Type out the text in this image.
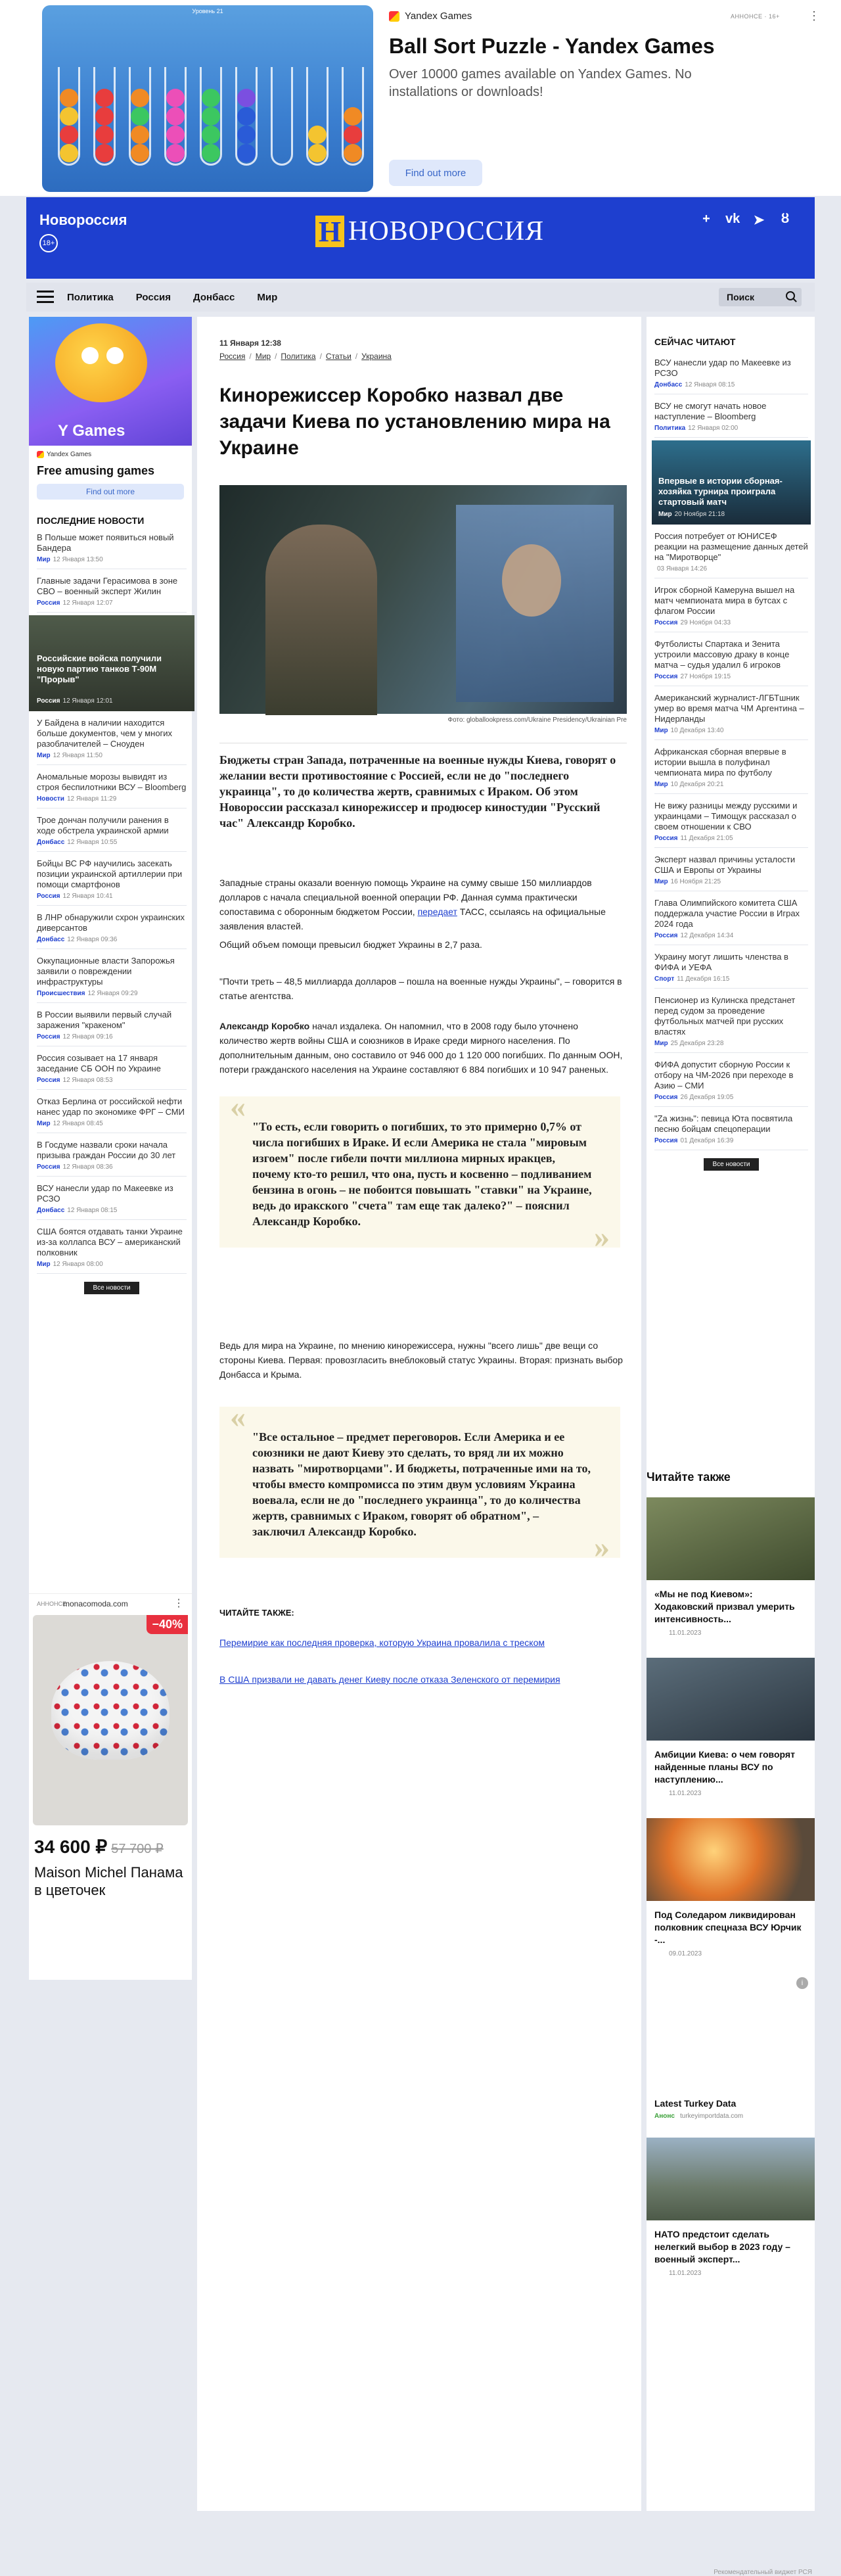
Уровень 21	Yandex Games	АННОНСЕ · 16+ ⋮
Ball Sort Puzzle - Yandex Games
Over 10000 games available on Yandex Games. No installations or downloads!
Find out more
Новороссия
18+	Н НОВОРОССИЯ	+ vk ➤ ȣ
Политика Россия Донбасс Мир	Поиск
Y Games
Yandex Games
Free amusing games
Find out more
ПОСЛЕДНИЕ НОВОСТИ
В Польше может появиться новый Бандера
Мир 12 Января 13:50
Главные задачи Герасимова в зоне СВО – военный эксперт Жилин
Россия 12 Января 12:07
Российские войска получили новую партию танков Т-90М "Прорыв"
Россия 12 Января 12:01
У Байдена в наличии находится больше документов, чем у многих разоблачителей – Сноуден
Мир 12 Января 11:50
Аномальные морозы вывидят из строя беспилотники ВСУ – Bloomberg
Новости 12 Января 11:29
Трое дончан получили ранения в ходе обстрела украинской армии
Донбасс 12 Января 10:55
Бойцы ВС РФ научились засекать позиции украинской артиллерии при помощи смартфонов
Россия 12 Января 10:41
В ЛНР обнаружили схрон украинских диверсантов
Донбасс 12 Января 09:36
Оккупационные власти Запорожья заявили о повреждении инфраструктуры
Происшествия 12 Января 09:29
В России выявили первый случай заражения "кракеном"
Россия 12 Января 09:16
Россия созывает на 17 января заседание СБ ООН по Украине
Россия 12 Января 08:53
Отказ Берлина от российской нефти нанес удар по экономике ФРГ – СМИ
Мир 12 Января 08:45
В Госдуме назвали сроки начала призыва граждан России до 30 лет
Россия 12 Января 08:36
ВСУ нанесли удар по Макеевке из РСЗО
Донбасс 12 Января 08:15
США боятся отдавать танки Украине из-за коллапса ВСУ – американский полковник
Мир 12 Января 08:00
Все новости
АННОНСЕ
monacomoda.com	⋮
−40%
34 600 ₽ 57 700 ₽
Maison Michel Панама в цветочек
11 Января 12:38
Россия / Мир / Политика / Статьи / Украина
Кинорежиссер Коробко назвал две задачи Киева по установлению мира на Украине
Фото: globallookpress.com/Ukraine Presidency/Ukrainian Pre

Бюджеты стран Запада, потраченные на военные нужды Киева, говорят о желании вести противостояние с Россией, если не до "последнего украинца", то до количества жертв, сравнимых с Ираком. Об этом Новороссии рассказал кинорежиссер и продюсер киностудии "Русский час" Александр Коробко.

Западные страны оказали военную помощь Украине на сумму свыше 150 миллиардов долларов с начала специальной военной операции РФ. Данная сумма практически сопоставима с оборонным бюджетом России, передает ТАСС, ссылаясь на официальные заявления властей.

Общий объем помощи превысил бюджет Украины в 2,7 раза.

"Почти треть – 48,5 миллиарда долларов – пошла на военные нужды Украины", – говорится в статье агентства.

Александр Коробко начал издалека. Он напомнил, что в 2008 году было уточнено количество жертв войны США и союзников в Ираке среди мирного населения. По дополнительным данным, оно составило от 946 000 до 1 120 000 погибших. По данным ООН, потери гражданского населения на Украине составляют 6 884 погибших и 10 947 раненых.

«
"То есть, если говорить о погибших, то это примерно 0,7% от числа погибших в Ираке. И если Америка не стала "мировым изгоем" после гибели почти миллиона мирных иракцев, почему кто-то решил, что она, пусть и косвенно – подливанием бензина в огонь – не побоится повышать "ставки" на Украине, ведь до иракского "счета" там еще так далеко?" – пояснил Александр Коробко.	»

Ведь для мира на Украине, по мнению кинорежиссера, нужны "всего лишь" две вещи со стороны Киева. Первая: провозгласить внеблоковый статус Украины. Вторая: признать выбор Донбасса и Крыма.

«
"Все остальное – предмет переговоров. Если Америка и ее союзники не дают Киеву это сделать, то вряд ли их можно назвать "миротворцами". И бюджеты, потраченные ими на то, чтобы вместо компромисса по этим двум условиям Украина воевала, если не до "последнего украинца", то до количества жертв, сравнимых с Ираком, говорят об обратном", – заключил Александр Коробко.	»
ЧИТАЙТЕ ТАКЖЕ:
Перемирие как последняя проверка, которую Украина провалила с треском
В США призвали не давать денег Киеву после отказа Зеленского от перемирия
СЕЙЧАС ЧИТАЮТ
ВСУ нанесли удар по Макеевке из РСЗО
Донбасс 12 Января 08:15
ВСУ не смогут начать новое наступление – Bloomberg
Политика 12 Января 02:00
Впервые в истории сборная-хозяйка турнира проиграла стартовый матч
Мир 20 Ноября 21:18
Россия потребует от ЮНИСЕФ реакции на размещение данных детей на "Миротворце"
03 Января 14:26
Игрок сборной Камеруна вышел на матч чемпионата мира в бутсах с флагом России
Россия 29 Ноября 04:33
Футболисты Спартака и Зенита устроили массовую драку в конце матча – судья удалил 6 игроков
Россия 27 Ноября 19:15
Американский журналист-ЛГБТшник умер во время матча ЧМ Аргентина – Нидерланды
Мир 10 Декабря 13:40
Африканская сборная впервые в истории вышла в полуфинал чемпионата мира по футболу
Мир 10 Декабря 20:21
Не вижу разницы между русскими и украинцами – Тимощук рассказал о своем отношении к СВО
Россия 11 Декабря 21:05
Эксперт назвал причины усталости США и Европы от Украины
Мир 16 Ноября 21:25
Глава Олимпийского комитета США поддержала участие России в Играх 2024 года
Россия 12 Декабря 14:34
Украину могут лишить членства в ФИФА и УЕФА
Спорт 11 Декабря 16:15
Пенсионер из Кулинска предстанет перед судом за проведение футбольных матчей при русских властях
Мир 25 Декабря 23:28
ФИФА допустит сборную России к отбору на ЧМ-2026 при переходе в Азию – СМИ
Россия 26 Декабря 19:05
"Za жизнь": певица Юта посвятила песню бойцам спецоперации
Россия 01 Декабря 16:39
Все новости
Читайте также
«Мы не под Киевом»: Ходаковский призвал умерить интенсивность...
11.01.2023
Амбиции Киева: о чем говорят найденные планы ВСУ по наступлению...
11.01.2023
Под Соледаром ликвидирован полковник спецназа ВСУ Юрчик -...
09.01.2023
i
Latest Turkey Data
Анонс turkeyimportdata.com
НАТО предстоит сделать нелегкий выбор в 2023 году – военный эксперт...
11.01.2023
Рекомендательный виджет РСЯ
